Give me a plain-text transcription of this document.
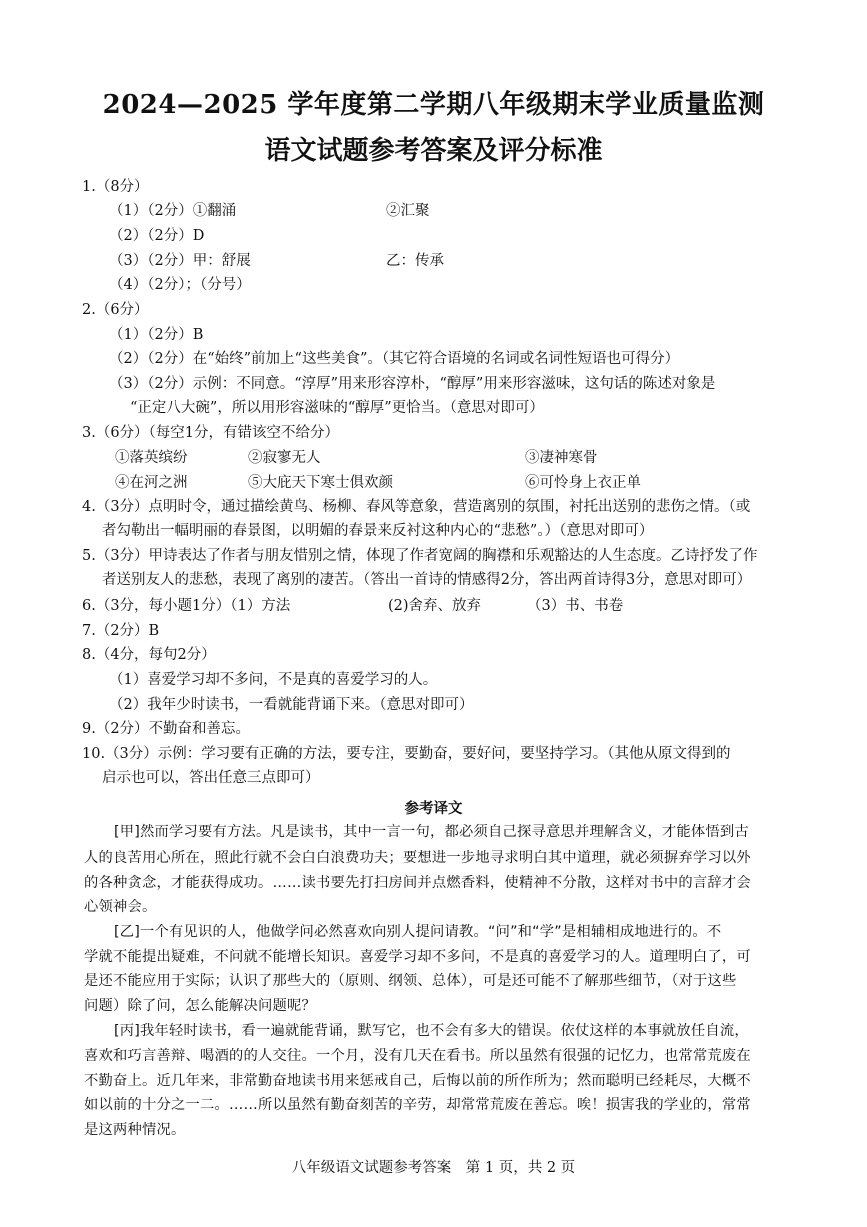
2024—2025 学年度第二学期八年级期末学业质量监测
语文试题参考答案及评分标准
1.（8分）
（1）（2分）①翻涌	②汇聚
（2）（2分）D
（3）（2分）甲：舒展	乙：传承
（4）（2分）；（分号）
2.（6分）
（1）（2分）B
（2）（2分）在“始终”前加上“这些美食”。（其它符合语境的名词或名词性短语也可得分）
（3）（2分）示例：不同意。“淳厚”用来形容淳朴，“醇厚”用来形容滋味，这句话的陈述对象是
“正定八大碗”，所以用形容滋味的“醇厚”更恰当。（意思对即可）
3.（6分）（每空1分，有错该空不给分）
①落英缤纷	②寂寥无人	③凄神寒骨
④在河之洲	⑤大庇天下寒士俱欢颜	⑥可怜身上衣正单
4.（3分）点明时令，通过描绘黄鸟、杨柳、春风等意象，营造离别的氛围，衬托出送别的悲伤之情。（或
者勾勒出一幅明丽的春景图，以明媚的春景来反衬这种内心的“悲愁”。）（意思对即可）
5.（3分）甲诗表达了作者与朋友惜别之情，体现了作者宽阔的胸襟和乐观豁达的人生态度。乙诗抒发了作
者送别友人的悲愁，表现了离别的凄苦。（答出一首诗的情感得2分，答出两首诗得3分，意思对即可）
6.（3分，每小题1分）（1）方法	(2)舍弃、放弃	（3）书、书卷
7.（2分）B
8.（4分，每句2分）
（1）喜爱学习却不多问，不是真的喜爱学习的人。
（2）我年少时读书，一看就能背诵下来。（意思对即可）
9.（2分）不勤奋和善忘。
10.（3分）示例：学习要有正确的方法，要专注，要勤奋，要好问，要坚持学习。（其他从原文得到的
启示也可以，答出任意三点即可）
参考译文
[甲]然而学习要有方法。凡是读书，其中一言一句，都必须自己探寻意思并理解含义，才能体悟到古
人的良苦用心所在，照此行就不会白白浪费功夫；要想进一步地寻求明白其中道理，就必须摒弃学习以外
的各种贪念，才能获得成功。……读书要先打扫房间并点燃香料，使精神不分散，这样对书中的言辞才会
心领神会。
[乙]一个有见识的人，他做学问必然喜欢向别人提问请教。“问”和“学”是相辅相成地进行的。不
学就不能提出疑难，不问就不能增长知识。喜爱学习却不多问，不是真的喜爱学习的人。道理明白了，可
是还不能应用于实际；认识了那些大的（原则、纲领、总体），可是还可能不了解那些细节，（对于这些
问题）除了问，怎么能解决问题呢？
[丙]我年轻时读书，看一遍就能背诵，默写它，也不会有多大的错误。依仗这样的本事就放任自流，
喜欢和巧言善辩、喝酒的的人交往。一个月，没有几天在看书。所以虽然有很强的记忆力，也常常荒废在
不勤奋上。近几年来，非常勤奋地读书用来惩戒自己，后悔以前的所作所为；然而聪明已经耗尽，大概不
如以前的十分之一二。……所以虽然有勤奋刻苦的辛劳，却常常荒废在善忘。唉！损害我的学业的，常常
是这两种情况。
八年级语文试题参考答案　第 1 页，共 2 页
